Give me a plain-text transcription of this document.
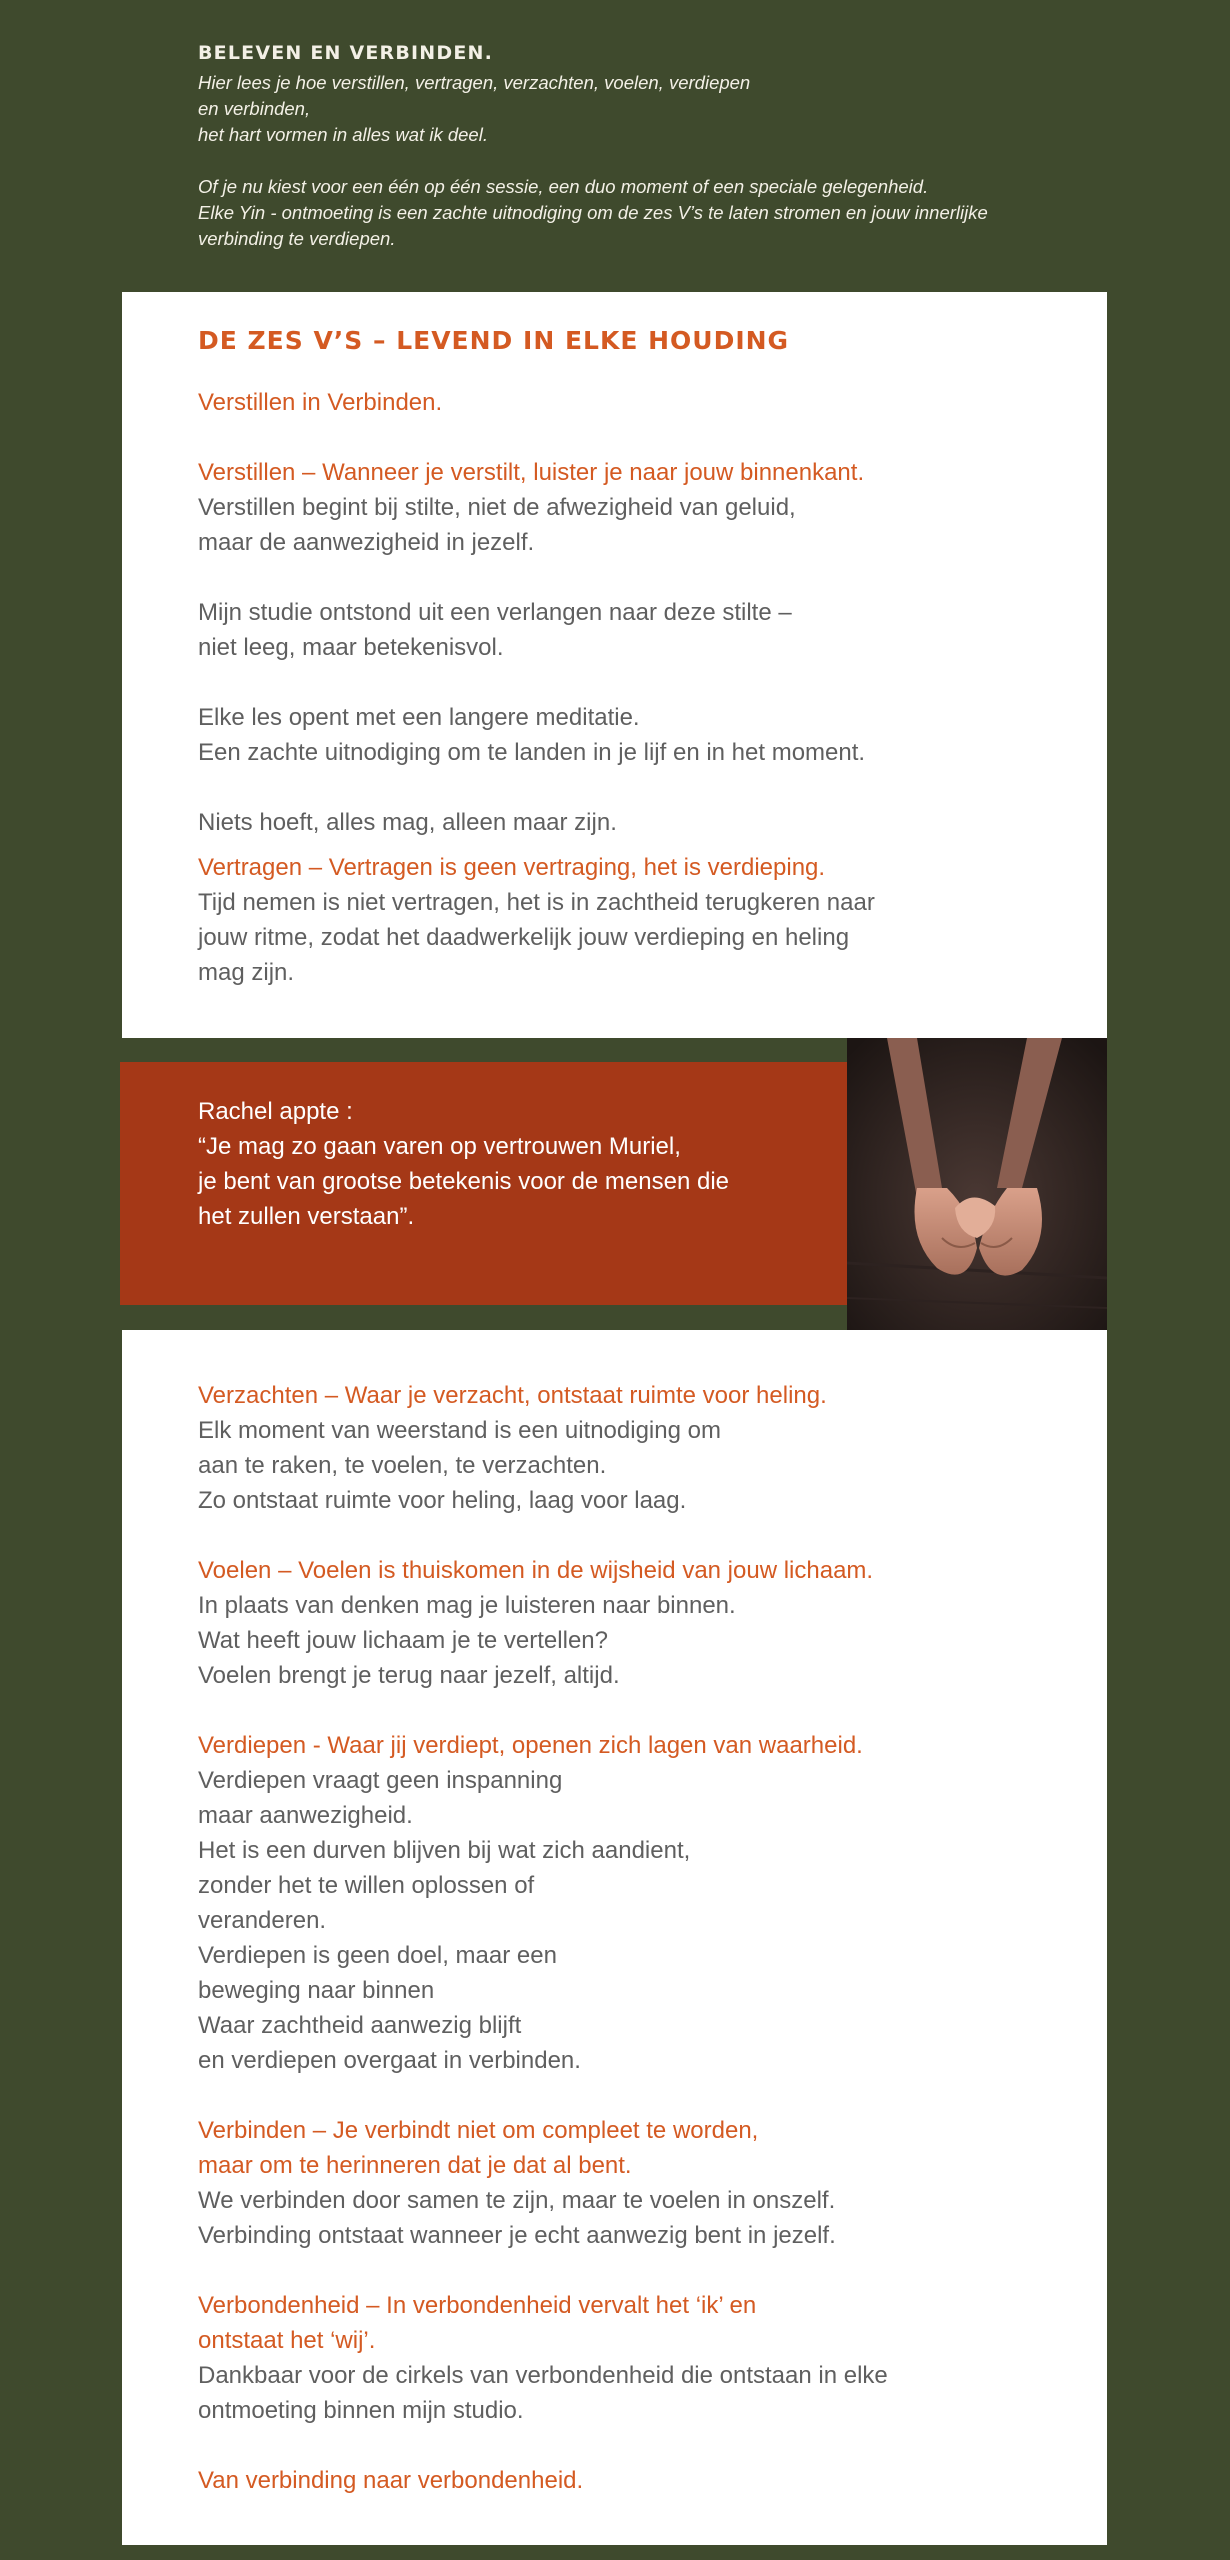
BELEVEN EN VERBINDEN.

Hier lees je hoe verstillen, vertragen, verzachten, voelen, verdiepen

en verbinden,

het hart vormen in alles wat ik deel.

Of je nu kiest voor een één op één sessie, een duo moment of een speciale gelegenheid.

Elke Yin - ontmoeting is een zachte uitnodiging om de zes V’s te laten stromen en jouw innerlijke

verbinding te verdiepen.

DE ZES V’S – LEVEND IN ELKE HOUDING

Verstillen in Verbinden.

Verstillen – Wanneer je verstilt, luister je naar jouw binnenkant.

Verstillen begint bij stilte, niet de afwezigheid van geluid,

maar de aanwezigheid in jezelf.

Mijn studie ontstond uit een verlangen naar deze stilte –

niet leeg, maar betekenisvol.

Elke les opent met een langere meditatie.

Een zachte uitnodiging om te landen in je lijf en in het moment.

Niets hoeft, alles mag, alleen maar zijn.

Vertragen – Vertragen is geen vertraging, het is verdieping.

Tijd nemen is niet vertragen, het is in zachtheid terugkeren naar

jouw ritme, zodat het daadwerkelijk jouw verdieping en heling

mag zijn.

Rachel appte :

“Je mag zo gaan varen op vertrouwen Muriel,

je bent van grootse betekenis voor de mensen die

het zullen verstaan”.

Verzachten – Waar je verzacht, ontstaat ruimte voor heling.

Elk moment van weerstand is een uitnodiging om

aan te raken, te voelen, te verzachten.

Zo ontstaat ruimte voor heling, laag voor laag.

Voelen – Voelen is thuiskomen in de wijsheid van jouw lichaam.

In plaats van denken mag je luisteren naar binnen.

Wat heeft jouw lichaam je te vertellen?

Voelen brengt je terug naar jezelf, altijd.

Verdiepen - Waar jij verdiept, openen zich lagen van waarheid.

Verdiepen vraagt geen inspanning

maar aanwezigheid.

Het is een durven blijven bij wat zich aandient,

zonder het te willen oplossen of

veranderen.

Verdiepen is geen doel, maar een

beweging naar binnen

Waar zachtheid aanwezig blijft

en verdiepen overgaat in verbinden.

Verbinden – Je verbindt niet om compleet te worden,

maar om te herinneren dat je dat al bent.

We verbinden door samen te zijn, maar te voelen in onszelf.

Verbinding ontstaat wanneer je echt aanwezig bent in jezelf.

Verbondenheid – In verbondenheid vervalt het ‘ik’ en

ontstaat het ‘wij’.

Dankbaar voor de cirkels van verbondenheid die ontstaan in elke

ontmoeting binnen mijn studio.

Van verbinding naar verbondenheid.
